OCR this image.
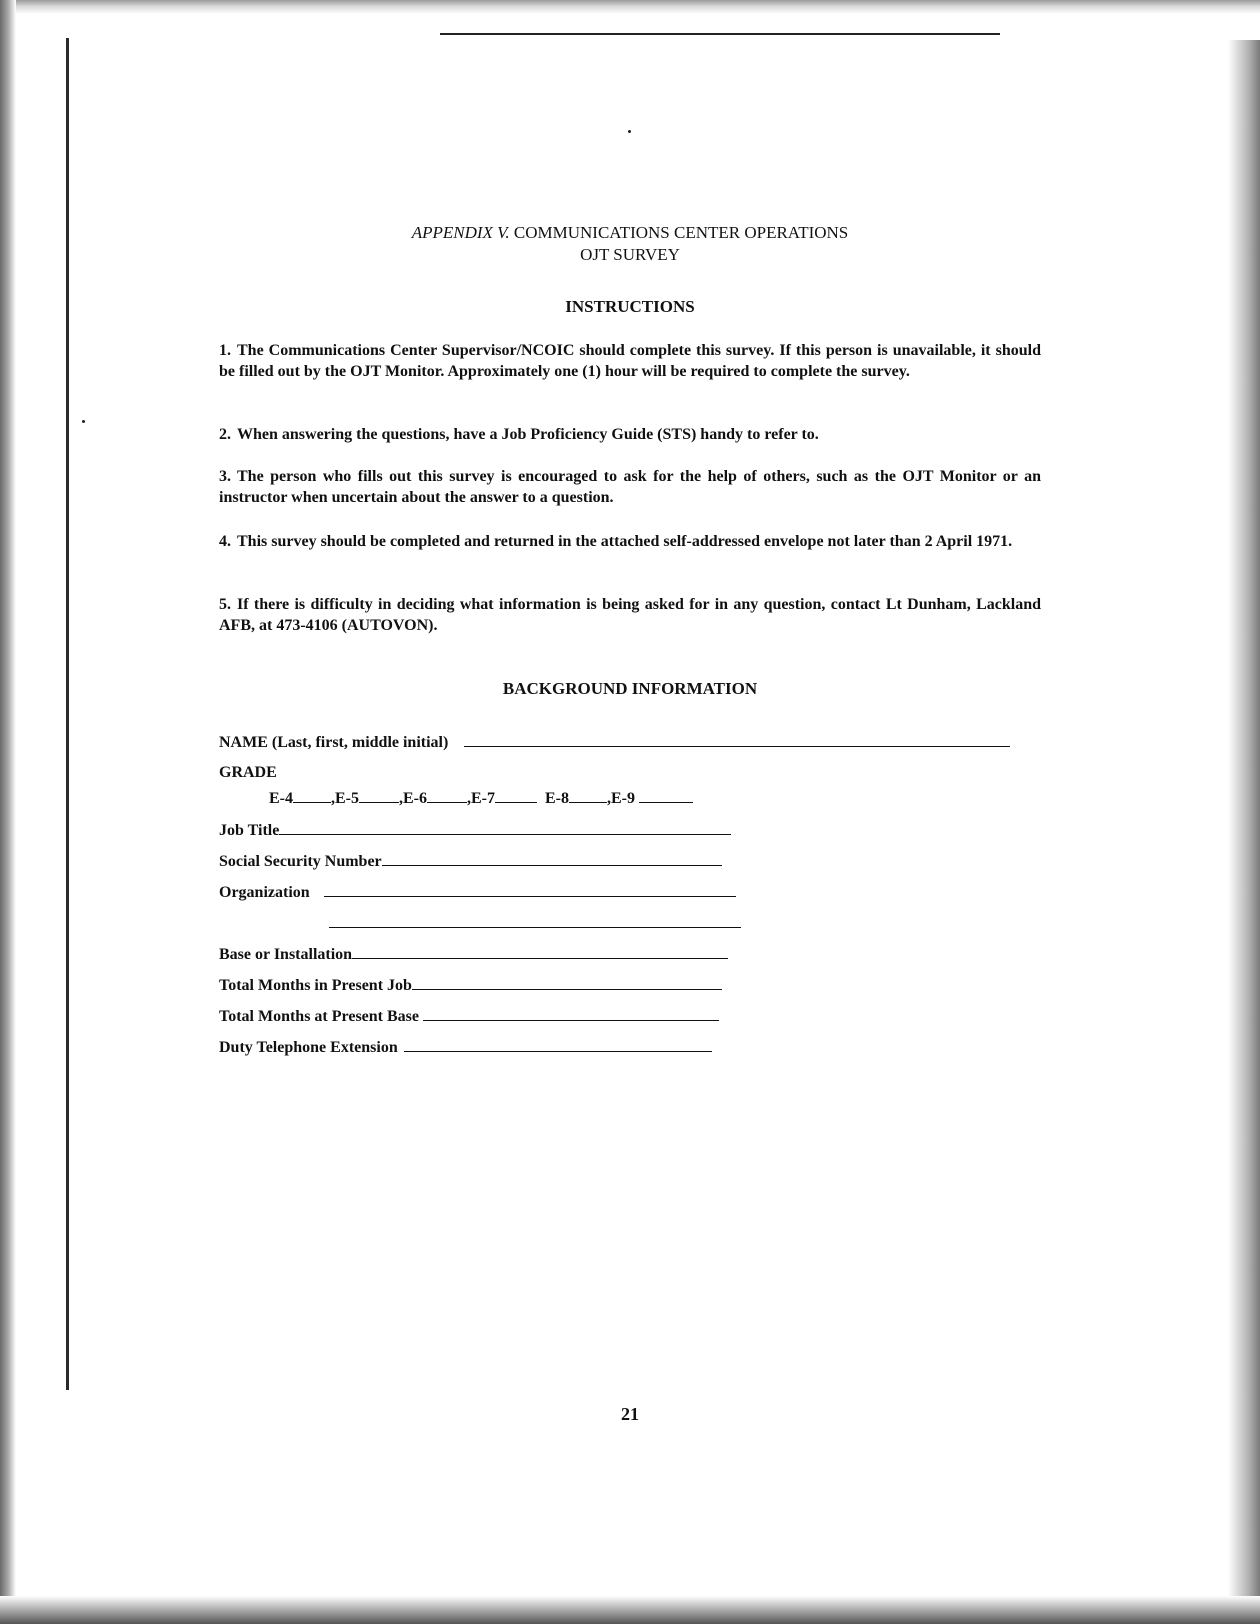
APPENDIX V. COMMUNICATIONS CENTER OPERATIONS
OJT SURVEY
INSTRUCTIONS
1. The Communications Center Supervisor/NCOIC should complete this survey. If this person is unavailable, it should be filled out by the OJT Monitor. Approximately one (1) hour will be required to complete the survey.
2. When answering the questions, have a Job Proficiency Guide (STS) handy to refer to.
3. The person who fills out this survey is encouraged to ask for the help of others, such as the OJT Monitor or an instructor when uncertain about the answer to a question.
4. This survey should be completed and returned in the attached self-addressed envelope not later than 2 April 1971.
5. If there is difficulty in deciding what information is being asked for in any question, contact Lt Dunham, Lackland AFB, at 473-4106 (AUTOVON).
BACKGROUND INFORMATION
NAME (Last, first, middle initial)
GRADE
E-4 ,E-5	,E-6	,E-7	E-8 ,E-9
Job Title
Social Security Number
Organization
Base or Installation
Total Months in Present Job
Total Months at Present Base
Duty Telephone Extension
21
